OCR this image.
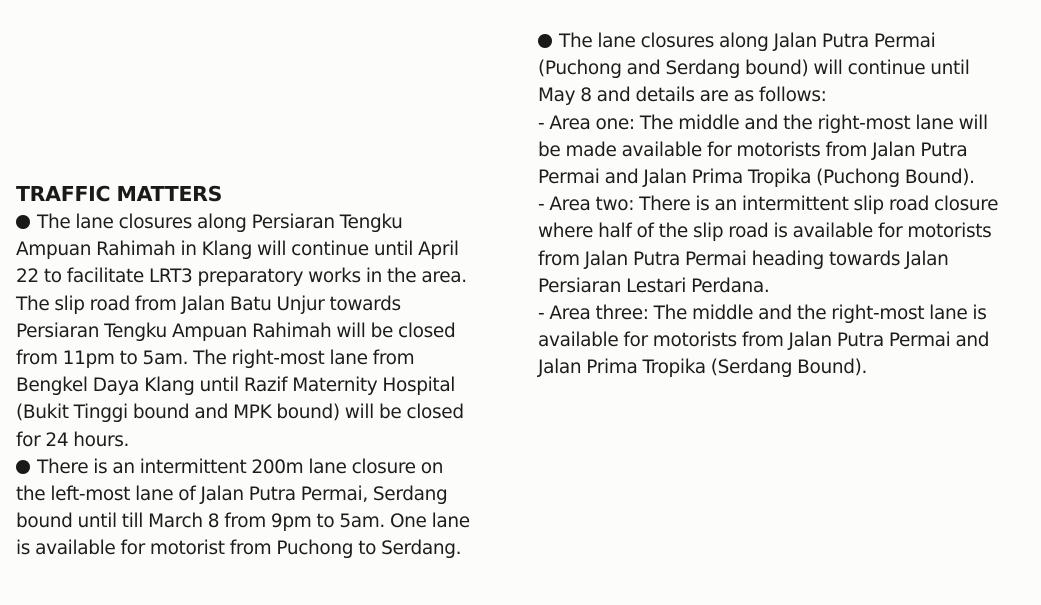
TRAFFIC MATTERS
The lane closures along Persiaran Tengku
Ampuan Rahimah in Klang will continue until April
22 to facilitate LRT3 preparatory works in the area.
The slip road from Jalan Batu Unjur towards
Persiaran Tengku Ampuan Rahimah will be closed
from 11pm to 5am. The right-most lane from
Bengkel Daya Klang until Razif Maternity Hospital
(Bukit Tinggi bound and MPK bound) will be closed
for 24 hours.
There is an intermittent 200m lane closure on
the left-most lane of Jalan Putra Permai, Serdang
bound until till March 8 from 9pm to 5am. One lane
is available for motorist from Puchong to Serdang.
The lane closures along Jalan Putra Permai
(Puchong and Serdang bound) will continue until
May 8 and details are as follows:
- Area one: The middle and the right-most lane will
be made available for motorists from Jalan Putra
Permai and Jalan Prima Tropika (Puchong Bound).
- Area two: There is an intermittent slip road closure
where half of the slip road is available for motorists
from Jalan Putra Permai heading towards Jalan
Persiaran Lestari Perdana.
- Area three: The middle and the right-most lane is
available for motorists from Jalan Putra Permai and
Jalan Prima Tropika (Serdang Bound).
